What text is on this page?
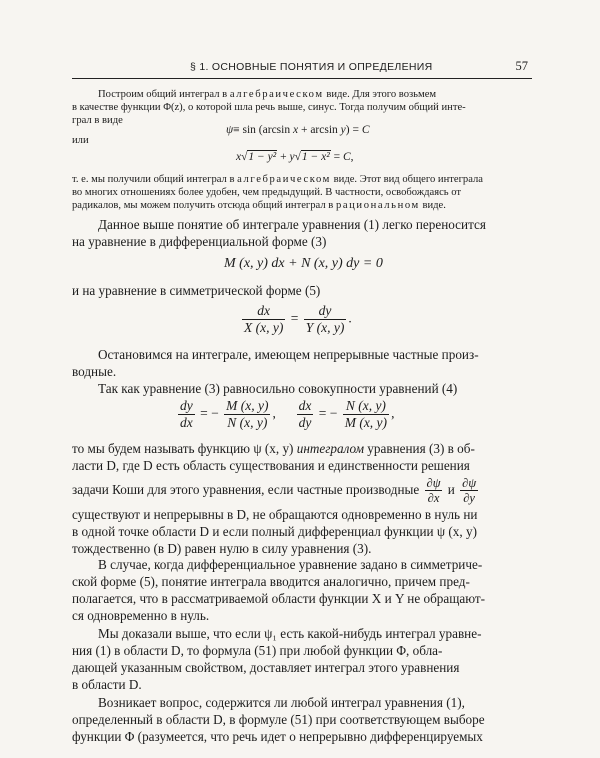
§ 1. ОСНОВНЫЕ ПОНЯТИЯ И ОПРЕДЕЛЕНИЯ	57
Построим общий интеграл в алгебраическом виде. Для этого возьмем
в качестве функции Φ(z), о которой шла речь выше, синус. Тогда получим общий инте-
грал в виде
ψ≡ sin (arcsin x + arcsin y) = C
или
x√1 − y² + y√1 − x² = C,
т. е. мы получили общий интеграл в алгебраическом виде. Этот вид общего интеграла
во многих отношениях более удобен, чем предыдущий. В частности, освобождаясь от
радикалов, мы можем получить отсюда общий интеграл в рациональном виде.
Данное выше понятие об интеграле уравнения (1) легко переносится
на уравнение в дифференциальной форме (3)
M (x, y) dx + N (x, y) dy = 0
и на уравнение в симметрической форме (5)
$\frac{dx}{X (x, y)} = \frac{dy}{Y (x, y)}$ .
Остановимся на интеграле, имеющем непрерывные частные произ-
водные.
Так как уравнение (3) равносильно совокупности уравнений (4)
$\frac{dy}{dx}$ = − $\frac{M (x, y)}{N (x, y)}$ , $\frac{dx}{dy}$ = − $\frac{N (x, y)}{M (x, y)}$ ,
то мы будем называть функцию ψ (x, y) интегралом уравнения (3) в об-
ласти D, где D есть область существования и единственности решения
задачи Коши для этого уравнения, если частные производные $\frac{\partial\psi}{\partial x}$ и $\frac{\partial\psi}{\partial y}$
существуют и непрерывны в D, не обращаются одновременно в нуль ни
в одной точке области D и если полный дифференциал функции ψ (x, y)
тождественно (в D) равен нулю в силу уравнения (3).
В случае, когда дифференциальное уравнение задано в симметриче-
ской форме (5), понятие интеграла вводится аналогично, причем пред-
полагается, что в рассматриваемой области функции X и Y не обращают-
ся одновременно в нуль.
Мы доказали выше, что если ψ₁ есть какой-нибудь интеграл уравне-
ния (1) в области D, то формула (51) при любой функции Φ, обла-
дающей указанным свойством, доставляет интеграл этого уравнения
в области D.
Возникает вопрос, содержится ли любой интеграл уравнения (1),
определенный в области D, в формуле (51) при соответствующем выборе
функции Φ (разумеется, что речь идет о непрерывно дифференцируемых
